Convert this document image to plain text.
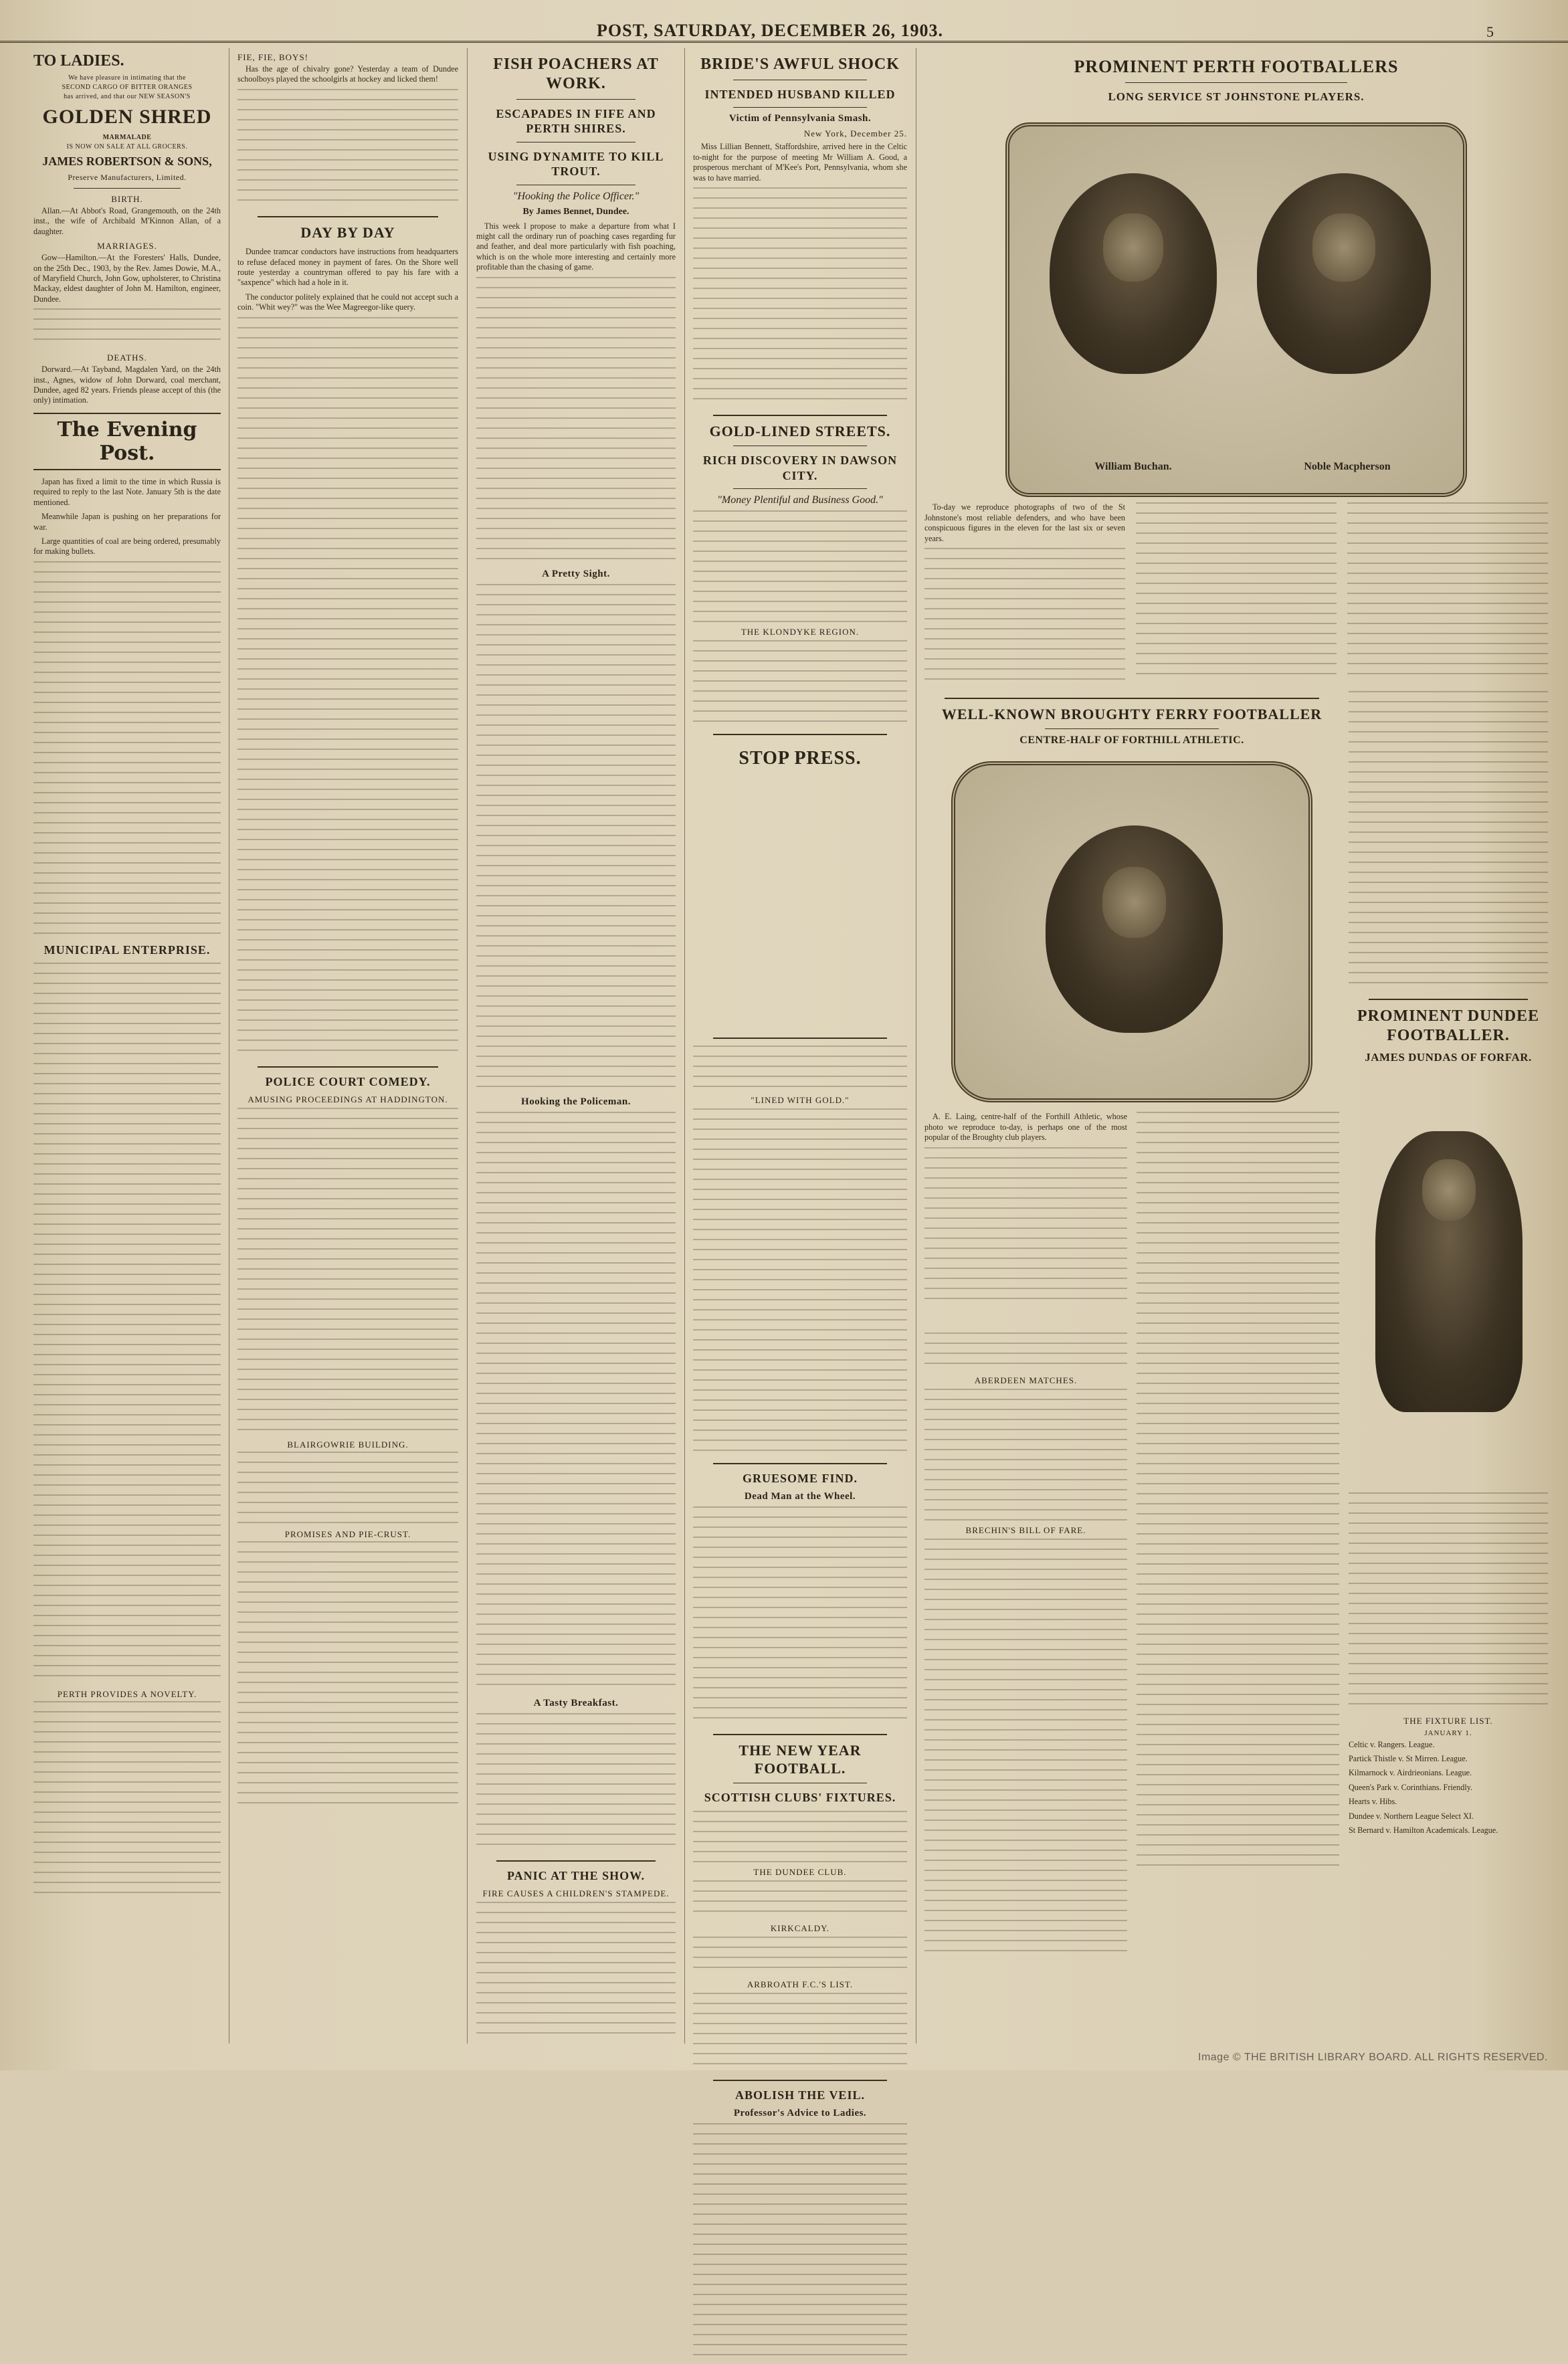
POST, SATURDAY, DECEMBER 26, 1903.	5
TO LADIES.
We have pleasure in intimating that the
SECOND CARGO OF BITTER ORANGES
has arrived, and that our NEW SEASON'S
GOLDEN SHRED
MARMALADE
IS NOW ON SALE AT ALL GROCERS.
JAMES ROBERTSON & SONS,
Preserve Manufacturers, Limited.
BIRTH.

Allan.—At Abbot's Road, Grangemouth, on the 24th inst., the wife of Archibald M'Kinnon Allan, of a daughter.

MARRIAGES.

Gow—Hamilton.—At the Foresters' Halls, Dundee, on the 25th Dec., 1903, by the Rev. James Dowie, M.A., of Maryfield Church, John Gow, upholsterer, to Christina Mackay, eldest daughter of John M. Hamilton, engineer, Dundee.

DEATHS.

Dorward.—At Tayband, Magdalen Yard, on the 24th inst., Agnes, widow of John Dorward, coal merchant, Dundee, aged 82 years. Friends please accept of this (the only) intimation.

The Evening Post.

Japan has fixed a limit to the time in which Russia is required to reply to the last Note. January 5th is the date mentioned.

Meanwhile Japan is pushing on her preparations for war.

Large quantities of coal are being ordered, presumably for making bullets.

MUNICIPAL ENTERPRISE.
PERTH PROVIDES A NOVELTY.
FIE, FIE, BOYS!

Has the age of chivalry gone? Yesterday a team of Dundee schoolboys played the schoolgirls at hockey and licked them!

DAY BY DAY

Dundee tramcar conductors have instructions from headquarters to refuse defaced money in payment of fares. On the Shore well route yesterday a countryman offered to pay his fare with a "saxpence" which had a hole in it.

The conductor politely explained that he could not accept such a coin. "Whit wey?" was the Wee Magreegor-like query.

POLICE COURT COMEDY.
AMUSING PROCEEDINGS AT HADDINGTON.
BLAIRGOWRIE BUILDING.
PROMISES AND PIE-CRUST.
FISH POACHERS AT WORK.
ESCAPADES IN FIFE AND PERTH SHIRES.
USING DYNAMITE TO KILL TROUT.
"Hooking the Police Officer."
By James Bennet, Dundee.

This week I propose to make a departure from what I might call the ordinary run of poaching cases regarding fur and feather, and deal more particularly with fish poaching, which is on the whole more interesting and certainly more profitable than the chasing of game.

A Pretty Sight.
Hooking the Policeman.
A Tasty Breakfast.
PANIC AT THE SHOW.
FIRE CAUSES A CHILDREN'S STAMPEDE.
BRIDE'S AWFUL SHOCK
INTENDED HUSBAND KILLED
Victim of Pennsylvania Smash.
New York, December 25.

Miss Lillian Bennett, Staffordshire, arrived here in the Celtic to-night for the purpose of meeting Mr William A. Good, a prosperous merchant of M'Kee's Port, Pennsylvania, whom she was to have married.

GOLD-LINED STREETS.
RICH DISCOVERY IN DAWSON CITY.
"Money Plentiful and Business Good."
THE KLONDYKE REGION.
STOP PRESS.
"LINED WITH GOLD."
GRUESOME FIND.
Dead Man at the Wheel.
THE NEW YEAR FOOTBALL.
SCOTTISH CLUBS' FIXTURES.
THE DUNDEE CLUB.
KIRKCALDY.
ARBROATH F.C.'S LIST.
ABOLISH THE VEIL.
Professor's Advice to Ladies.
PROMINENT PERTH FOOTBALLERS
LONG SERVICE ST JOHNSTONE PLAYERS.
William Buchan.	Noble Macpherson

To-day we reproduce photographs of two of the St Johnstone's most reliable defenders, and who have been conspicuous figures in the eleven for the last six or seven years.

WELL-KNOWN BROUGHTY FERRY FOOTBALLER
CENTRE-HALF OF FORTHILL ATHLETIC.

A. E. Laing, centre-half of the Forthill Athletic, whose photo we reproduce to-day, is perhaps one of the most popular of the Broughty club players.

ABERDEEN MATCHES.
BRECHIN'S BILL OF FARE.
PROMINENT DUNDEE FOOTBALLER.
JAMES DUNDAS OF FORFAR.
THE FIXTURE LIST.
JANUARY 1.

Celtic v. Rangers. League.

Partick Thistle v. St Mirren. League.

Kilmarnock v. Airdrieonians. League.

Queen's Park v. Corinthians. Friendly.

Hearts v. Hibs.

Dundee v. Northern League Select XI.

St Bernard v. Hamilton Academicals. League.

Image © THE BRITISH LIBRARY BOARD. ALL RIGHTS RESERVED.
